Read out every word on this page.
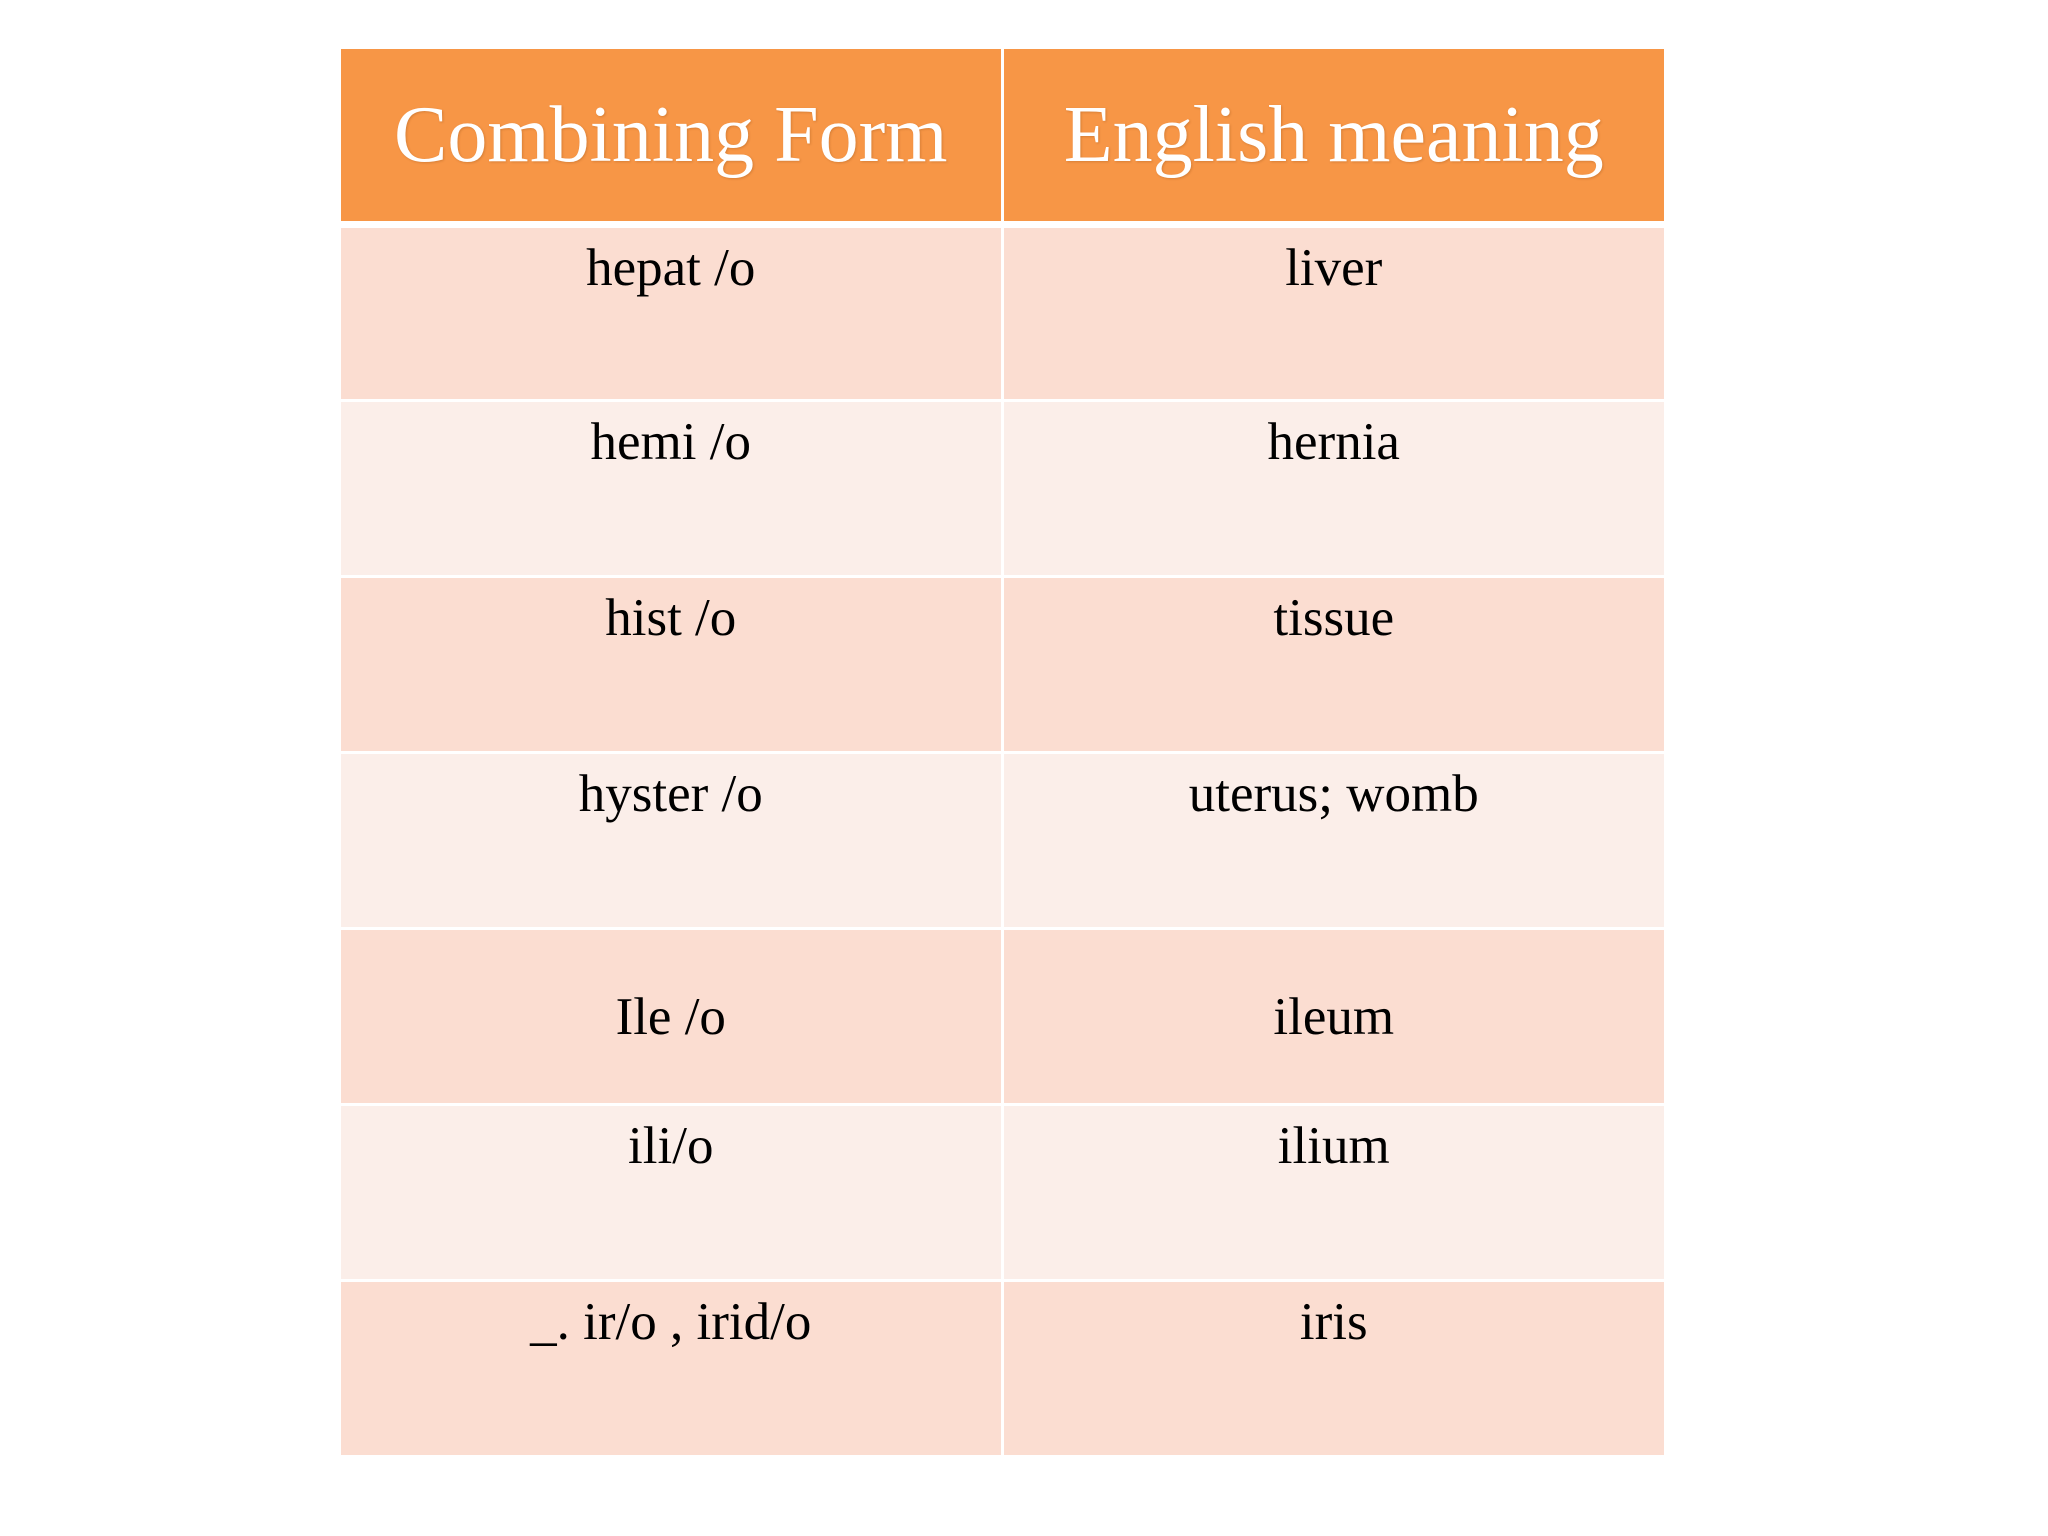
Combining Form	English meaning
hepat /o	liver
hemi /o	hernia
hist /o	tissue
hyster /o	uterus; womb
Ile /o	ileum
ili/o	ilium
_. ir/o , irid/o	iris
